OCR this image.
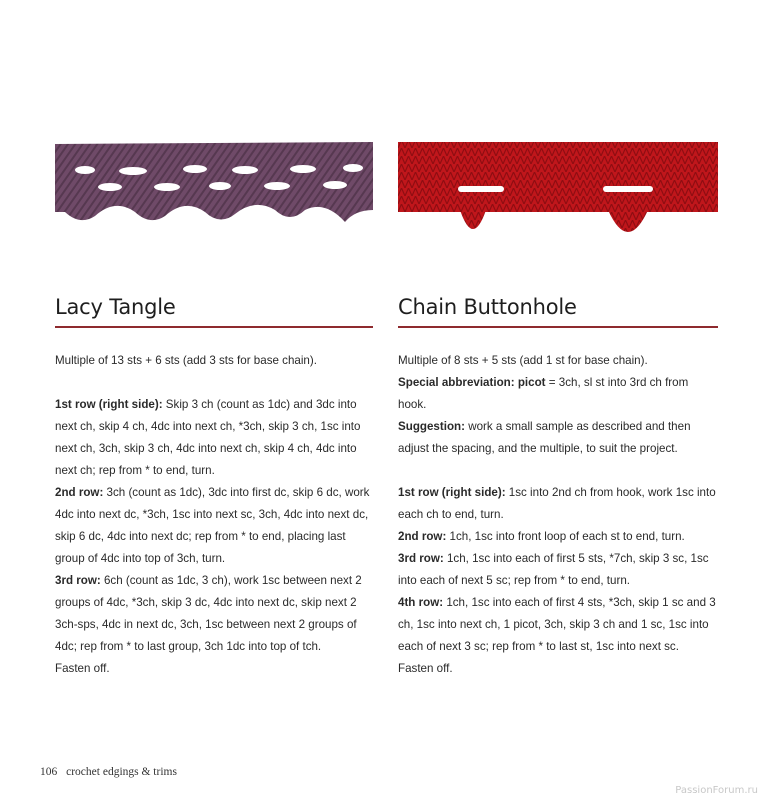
Lacy Tangle

Multiple of 13 sts + 6 sts (add 3 sts for base chain).

1st row (right side): Skip 3 ch (count as 1dc) and 3dc into next ch, skip 4 ch, 4dc into next ch, *3ch, skip 3 ch, 1sc into next ch, 3ch, skip 3 ch, 4dc into next ch, skip 4 ch, 4dc into next ch; rep from * to end, turn.

2nd row: 3ch (count as 1dc), 3dc into first dc, skip 6 dc, work 4dc into next dc, *3ch, 1sc into next sc, 3ch, 4dc into next dc, skip 6 dc, 4dc into next dc; rep from * to end, placing last group of 4dc into top of 3ch, turn.

3rd row: 6ch (count as 1dc, 3 ch), work 1sc between next 2 groups of 4dc, *3ch, skip 3 dc, 4dc into next dc, skip next 2 3ch-sps, 4dc in next dc, 3ch, 1sc between next 2 groups of 4dc; rep from * to last group, 3ch 1dc into top of tch.

Fasten off.

Chain Buttonhole

Multiple of 8 sts + 5 sts (add 1 st for base chain).

Special abbreviation: picot = 3ch, sl st into 3rd ch from hook.

Suggestion: work a small sample as described and then adjust the spacing, and the multiple, to suit the project.

1st row (right side): 1sc into 2nd ch from hook, work 1sc into each ch to end, turn.

2nd row: 1ch, 1sc into front loop of each st to end, turn.

3rd row: 1ch, 1sc into each of first 5 sts, *7ch, skip 3 sc, 1sc into each of next 5 sc; rep from * to end, turn.

4th row: 1ch, 1sc into each of first 4 sts, *3ch, skip 1 sc and 3 ch, 1sc into next ch, 1 picot, 3ch, skip 3 ch and 1 sc, 1sc into each of next 3 sc; rep from * to last st, 1sc into next sc.

Fasten off.

106 crochet edgings & trims
PassionForum.ru
